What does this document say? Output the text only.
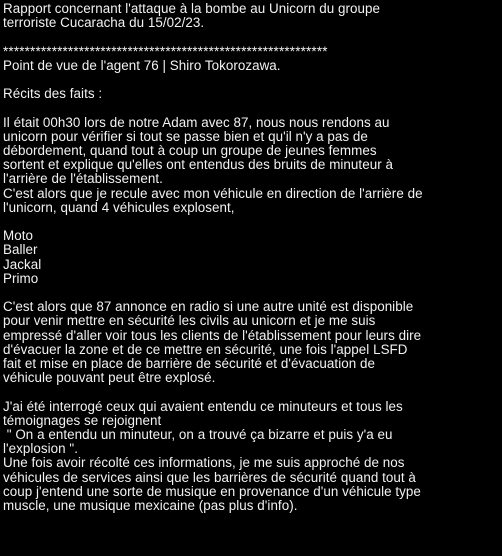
Rapport concernant l'attaque à la bombe au Unicorn du groupe
terroriste Cucaracha du 15/02/23.
************************************************************
Point de vue de l'agent 76 | Shiro Tokorozawa.
Récits des faits :
Il était 00h30 lors de notre Adam avec 87, nous nous rendons au
unicorn pour vérifier si tout se passe bien et qu'il n'y a pas de
débordement, quand tout à coup un groupe de jeunes femmes
sortent et explique qu'elles ont entendus des bruits de minuteur à
l'arrière de l'établissement.
C'est alors que je recule avec mon véhicule en direction de l'arrière de
l'unicorn, quand 4 véhicules explosent,
Moto
Baller
Jackal
Primo
C'est alors que 87 annonce en radio si une autre unité est disponible
pour venir mettre en sécurité les civils au unicorn et je me suis
empressé d'aller voir tous les clients de l'établissement pour leurs dire
d'évacuer la zone et de ce mettre en sécurité, une fois l'appel LSFD
fait et mise en place de barrière de sécurité et d'évacuation de
véhicule pouvant peut être explosé.
J'ai été interrogé ceux qui avaient entendu ce minuteurs et tous les
témoignages se rejoignent
" On a entendu un minuteur, on a trouvé ça bizarre et puis y'a eu
l'explosion ".
Une fois avoir récolté ces informations, je me suis approché de nos
véhicules de services ainsi que les barrières de sécurité quand tout à
coup j'entend une sorte de musique en provenance d'un véhicule type
muscle, une musique mexicaine (pas plus d'info).
